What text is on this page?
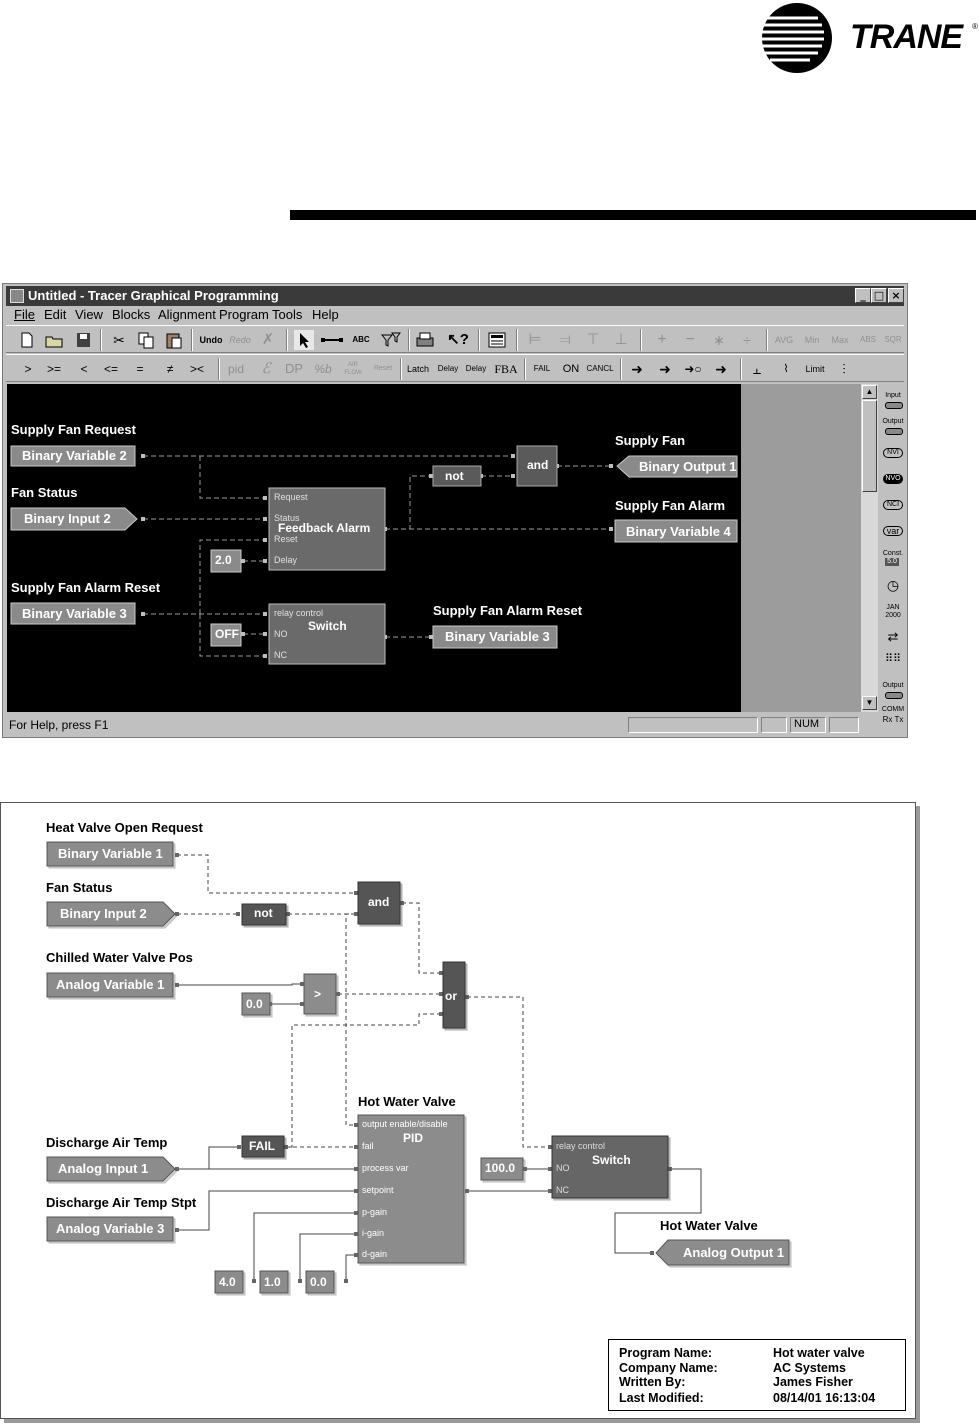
TRANE ®
Untitled - Tracer Graphical Programming	_ □ ×
File Edit View Blocks Alignment Program Tools Help
✂	Undo Redo ✗	ABC	↖?	⊨	⫤	⊤ ⊥	+	−	∗	÷	AVG	Min	Max	ABS	SQR
>	>=	<	<=	=	≠	><	pid	ℰ	DP %b	AIR FLOW
Reset	Latch Delay Delay FBA	FAIL	ON CANCL	➜	➜	➜○ ➜	⫠	⌇	Limit	⫶
Supply Fan Request
Fan Status
Supply Fan Alarm Reset
Supply Fan
Supply Fan Alarm
Supply Fan Alarm Reset
Binary Variable 2
Binary Input 2
Binary Variable 3
Binary Output 1
Binary Variable 4
Binary Variable 3
and
not
Feedback Alarm
Switch
2.0
OFF
Request
Status
Reset
Delay
relay control
NO
NC
▲
▼
Input
Output
NVI
NVO
NCI
var
Const.
5.0
◷
JAN 2000
⇄
⠿⠿
Output
COMM
Rx Tx
For Help, press F1	NUM
Heat Valve Open Request
Fan Status
Chilled Water Valve Pos
Hot Water Valve
Discharge Air Temp
Discharge Air Temp Stpt
Hot Water Valve
Binary Variable 1
Binary Input 2
Analog Variable 1
Analog Input 1
Analog Variable 3
Analog Output 1
not
and
>	or
FAIL
PID
Switch
0.0
100.0
4.0 1.0 0.0
output enable/disable
fail
process var
setpoint
p-gain
i-gain
d-gain
relay control
NO
NC
Program Name:	Hot water valve
Company Name:	AC Systems
Written By:	James Fisher
Last Modified:	08/14/01 16:13:04
